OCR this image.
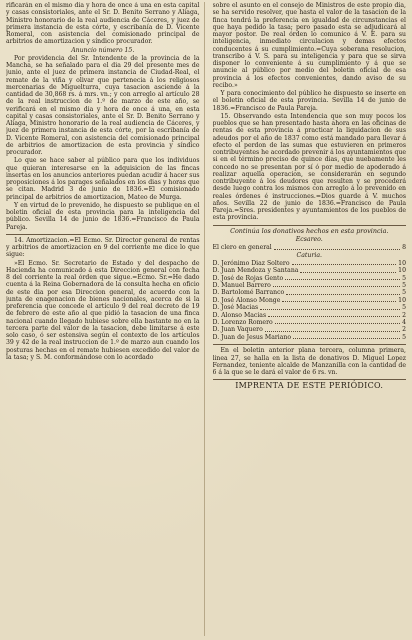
rificarán en el mismo dia y hora de once á una en esta capital y casas consistoriales, ante el Sr. D. Benito Serrano y Aliaga, Ministro honorario de la real audiencia de Cáceres, y juez de primera instancia de esta córte, y escribanía de D. Vicente Romeral, con asistencia del comisionado principal de arbitrios de amortizacion y síndico procurador.

Anuncio número 15.

Por providencia del Sr. Intendente de la provincia de la Mancha, se ha señalado para el dia 29 del presente mes de junio, ante el juez de primera instancia de Ciudad-Real, el remate de la viña y olivar que pertenecia á los religiosos mercenarias de Miguelturra, cuya tasacion asciende á la cantidad de 30,868 rs. á mrs. vn.; y con arreglo al artículo 28 de la real instruccion de 1.º de marzo de este año, se verificará en el mismo dia y hora de once á una, en esta capital y casas consistoriales, ante el Sr. D. Benito Serrano y Aliaga, Ministro honorario de la real audiencia de Cáceres, y juez de primera instancia de esta córte, por la escribanía de D. Vicente Romeral, con asistencia del comisionado principal de arbitrios de amortizacion de esta provincia y síndico procurador.

Lo que se hace saber al público para que los individuos que quieran interesarse en la adquisicion de las fincas insertas en los anuncios anteriores puedan acudir á hacer sus proposiciones á los parages señalados en los dias y horas que se citan. Madrid 3 de junio de 1836.=El comisionado principal de arbitrios de amortizacion, Mateo de Murga.

Y en virtud de lo prevenido, he dispuesto se publique en el boletin oficial de esta provincia para la inteligencia del público. Sevilla 14 de junio de 1836.=Francisco de Paula Pareja.

14. Amortizacion.=El Ecmo. Sr. Director general de rentas y arbitrios de amortizacion en 9 del corriente me dice lo que sigue:

»El Ecmo. Sr. Secretario de Estado y del despacho de Hacienda ha comunicado á esta Direccion general con fecha 8 del corriente la real órden que sigue.=Ecmo. Sr.=He dado cuenta á la Reina Gobernadora de la consulta hecha en oficio de este dia por esa Direccion general, de acuerdo con la junta de enagenacion de bienes nacionales, acerca de si la preferencia que concede el artículo 9 del real decreto de 19 de febrero de este año al que pidió la tasacion de una finca nacional cuando llegado hubiese sobre ella bastante no en la tercera parte del valor de la tasacion, debe limitarse á este solo caso, ó ser estensiva según el contexto de los artículos 39 y 42 de la real instruccion de 1.º de marzo aun cuando los posturas hechas en el remate hubiesen excedido del valor de la tasa; y S. M. conformándose con lo acordado

sobre el asunto en el consejo de Ministros de este propio dia, se ha servido resolver, que hasta el valor de la tasacion de la finca tendrá la preferencia en igualdad de circunstancias el que haya pedido la tasa; pero pasado esta se adjudicará al mayor postor. De real órden lo comunico á V. E. para su inteligencia, inmediato circulacion y demas efectos conducentes á su cumplimiento.=Cuya soberana resolucion, transcribo á V. S. para su inteligencia y para que se sirva disponer lo conveniente á su cumplimiento y á que se anuncie al público por medio del boletin oficial de esa provincia á los efectos convenientes, dando aviso de su recibo.»

Y para conocimiento del público he dispuesto se inserte en el boletin oficial de esta provincia. Sevilla 14 de junio de 1836.=Francisco de Paula Pareja.

15. Observando esta Intendencia que son muy pocos los pueblos que se han presentado hasta ahora en las oficinas de rentas de esta provincia á practicar la liquidacion de sus adeudos por el año de 1837 como está mandado para llevar á efecto el perdon de las sumas que estuvieren en primeros contribuyentes he acordado prevenir á los ayuntamientos que si en el término preciso de quince dias, que nuebamente les concedo no se presentan por sí ó por medio de apoderado á realizar aquella operacion, se considerarán en segundo contribuyente á los deudores que resulten y se procederá desde luego contra los mismos con arreglo á lo prevenido en reales órdenes é instrucciones.=Dios guarde á V. muchos años. Sevilla 22 de junio de 1836.=Francisco de Paula Pareja.=Sres. presidentes y ayuntamientos de los pueblos de esta provincia.

Continúa los donativos hechos en esta provincia.
Ecsareo.
El clero en general	8
Caturia.
D. Jerónimo Diaz Soltero	10
D. Juan Mendoza y Santana	10
D. José de Rojas Gento	5
D. Manuel Barrero	5
D. Bartolomé Barranco	5
D. José Alonso Monge	10
D. José Macias	5
D. Alonso Macias	2
D. Lorenzo Romero	4
D. Juan Vaquero	2
D. Juan de Jesus Mariano	5

En el boletin anterior plana tercera, columna primera, linea 27, se halla en la lista de donativos D. Miguel Lopez Fernandez, teniente alcalde de Manzanilla con la cantidad de 6 á la que se le dará el valor de 6 rs. vn.

IMPRENTA DE ESTE PERIÓDICO.
